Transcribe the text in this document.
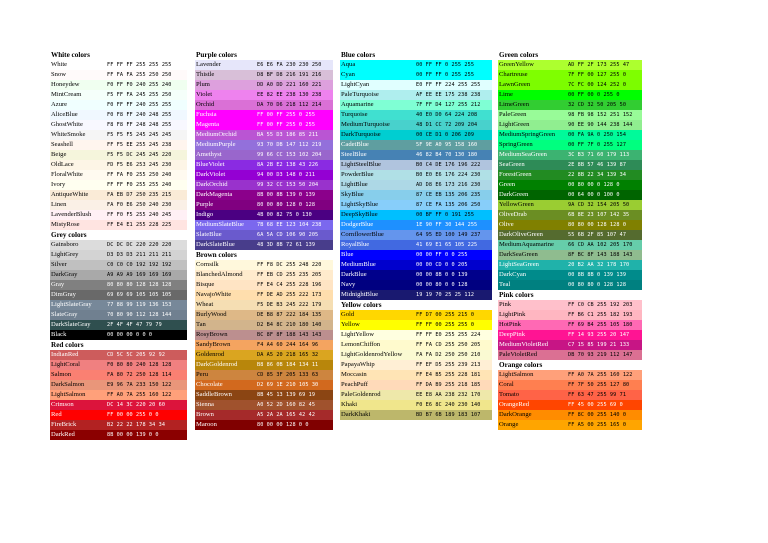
White colors
White	FF FF FF 255 255 255
Snow	FF FA FA 255 250 250
Honeydew	F0 FF F0 240 255 240
MintCream	F5 FF FA 245 255 250
Azure	F0 FF FF 240 255 255
AliceBlue	F0 F8 FF 240 248 255
GhostWhite	F8 F8 FF 248 248 255
WhiteSmoke	F5 F5 F5 245 245 245
Seashell	FF F5 EE 255 245 238
Beige	F5 F5 DC 245 245 220
OldLace	FD F5 E6 253 245 230
FloralWhite	FF FA F0 255 250 240
Ivory	FF FF F0 255 255 240
AntiqueWhite	FA EB D7 250 235 215
Linen	FA F0 E6 250 240 230
LavenderBlush	FF F0 F5 255 240 245
MistyRose	FF E4 E1 255 228 225
Grey colors
Gainsboro	DC DC DC 220 220 220
LightGrey	D3 D3 D3 211 211 211
Silver	C0 C0 C0 192 192 192
DarkGray	A9 A9 A9 169 169 169
Gray	80 80 80 128 128 128
DimGray	69 69 69 105 105 105
LightSlateGray	77 88 99 119 136 153
SlateGray	70 80 90 112 128 144
DarkSlateGray	2F 4F 4F 47 79 79
Black	00 00 00 0 0 0
Red colors
IndianRed	CD 5C 5C 205 92 92
LightCoral	F0 80 80 240 128 128
Salmon	FA 80 72 250 128 114
DarkSalmon	E9 96 7A 233 150 122
LightSalmon	FF A0 7A 255 160 122
Crimson	DC 14 3C 220 20 60
Red	FF 00 00 255 0 0
FireBrick	B2 22 22 178 34 34
DarkRed	8B 00 00 139 0 0
Purple colors
Lavender	E6 E6 FA 230 230 250
Thistle	D8 BF D8 216 191 216
Plum	DD A0 DD 221 160 221
Violet	EE 82 EE 238 130 238
Orchid	DA 70 D6 218 112 214
Fuchsia	FF 00 FF 255 0 255
Magenta	FF 00 FF 255 0 255
MediumOrchid	BA 55 D3 186 85 211
MediumPurple	93 70 DB 147 112 219
Amethyst	99 66 CC 153 102 204
BlueViolet	8A 2B E2 138 43 226
DarkViolet	94 00 D3 148 0 211
DarkOrchid	99 32 CC 153 50 204
DarkMagenta	8B 00 8B 139 0 139
Purple	80 00 80 128 0 128
Indigo	4B 00 82 75 0 130
MediumSlateBlue	7B 68 EE 123 104 238
SlateBlue	6A 5A CD 106 90 205
DarkSlateBlue	48 3D 8B 72 61 139
Brown colors
Cornsilk	FF F8 DC 255 248 220
BlanchedAlmond	FF EB CD 255 235 205
Bisque	FF E4 C4 255 228 196
NavajoWhite	FF DE AD 255 222 173
Wheat	F5 DE B3 245 222 179
BurlyWood	DE B8 87 222 184 135
Tan	D2 B4 8C 210 180 140
RosyBrown	BC 8F 8F 188 143 143
SandyBrown	F4 A4 60 244 164 96
Goldenrod	DA A5 20 218 165 32
DarkGoldenrod	B8 86 0B 184 134 11
Peru	CD 85 3F 205 133 63
Chocolate	D2 69 1E 210 105 30
SaddleBrown	8B 45 13 139 69 19
Sienna	A0 52 2D 160 82 45
Brown	A5 2A 2A 165 42 42
Maroon	80 00 00 128 0 0
Blue colors
Aqua	00 FF FF 0 255 255
Cyan	00 FF FF 0 255 255
LightCyan	E0 FF FF 224 255 255
PaleTurquoise	AF EE EE 175 238 238
Aquamarine	7F FF D4 127 255 212
Turquoise	40 E0 D0 64 224 208
MediumTurquoise	48 D1 CC 72 209 204
DarkTurquoise	00 CE D1 0 206 209
CadetBlue	5F 9E A0 95 158 160
SteelBlue	46 82 B4 70 130 180
LightSteelBlue	B0 C4 DE 176 196 222
PowderBlue	B0 E0 E6 176 224 230
LightBlue	AD D8 E6 173 216 230
SkyBlue	87 CE EB 135 206 235
LightSkyBlue	87 CE FA 135 206 250
DeepSkyBlue	00 BF FF 0 191 255
DodgerBlue	1E 90 FF 30 144 255
CornflowerBlue	64 95 ED 100 149 237
RoyalBlue	41 69 E1 65 105 225
Blue	00 00 FF 0 0 255
MediumBlue	00 00 CD 0 0 205
DarkBlue	00 00 8B 0 0 139
Navy	00 00 80 0 0 128
MidnightBlue	19 19 70 25 25 112
Yellow colors
Gold	FF D7 00 255 215 0
Yellow	FF FF 00 255 255 0
LightYellow	FF FF E0 255 255 224
LemonChiffon	FF FA CD 255 250 205
LightGoldenrodYellow	FA FA D2 250 250 210
PapayaWhip	FF EF D5 255 239 213
Moccasin	FF E4 B5 255 228 181
PeachPuff	FF DA B9 255 218 185
PaleGoldenrod	EE E8 AA 238 232 170
Khaki	F0 E6 8C 240 230 140
DarkKhaki	BD B7 6B 189 183 107
Green colors
GreenYellow	AD FF 2F 173 255 47
Chartreuse	7F FF 00 127 255 0
LawnGreen	7C FC 00 124 252 0
Lime	00 FF 00 0 255 0
LimeGreen	32 CD 32 50 205 50
PaleGreen	98 FB 98 152 251 152
LightGreen	90 EE 90 144 238 144
MediumSpringGreen	00 FA 9A 0 250 154
SpringGreen	00 FF 7F 0 255 127
MediumSeaGreen	3C B3 71 60 179 113
SeaGreen	2E 8B 57 46 139 87
ForestGreen	22 8B 22 34 139 34
Green	00 80 00 0 128 0
DarkGreen	00 64 00 0 100 0
YellowGreen	9A CD 32 154 205 50
OliveDrab	6B 8E 23 107 142 35
Olive	80 80 00 128 128 0
DarkOliveGreen	55 6B 2F 85 107 47
MediumAquamarine	66 CD AA 102 205 170
DarkSeaGreen	8F BC 8F 143 188 143
LightSeaGreen	20 B2 AA 32 178 170
DarkCyan	00 8B 8B 0 139 139
Teal	00 80 80 0 128 128
Pink colors
Pink	FF C0 CB 255 192 203
LightPink	FF B6 C1 255 182 193
HotPink	FF 69 B4 255 105 180
DeepPink	FF 14 93 255 20 147
MediumVioletRed	C7 15 85 199 21 133
PaleVioletRed	DB 70 93 219 112 147
Orange colors
LightSalmon	FF A0 7A 255 160 122
Coral	FF 7F 50 255 127 80
Tomato	FF 63 47 255 99 71
OrangeRed	FF 45 00 255 69 0
DarkOrange	FF 8C 00 255 140 0
Orange	FF A5 00 255 165 0
